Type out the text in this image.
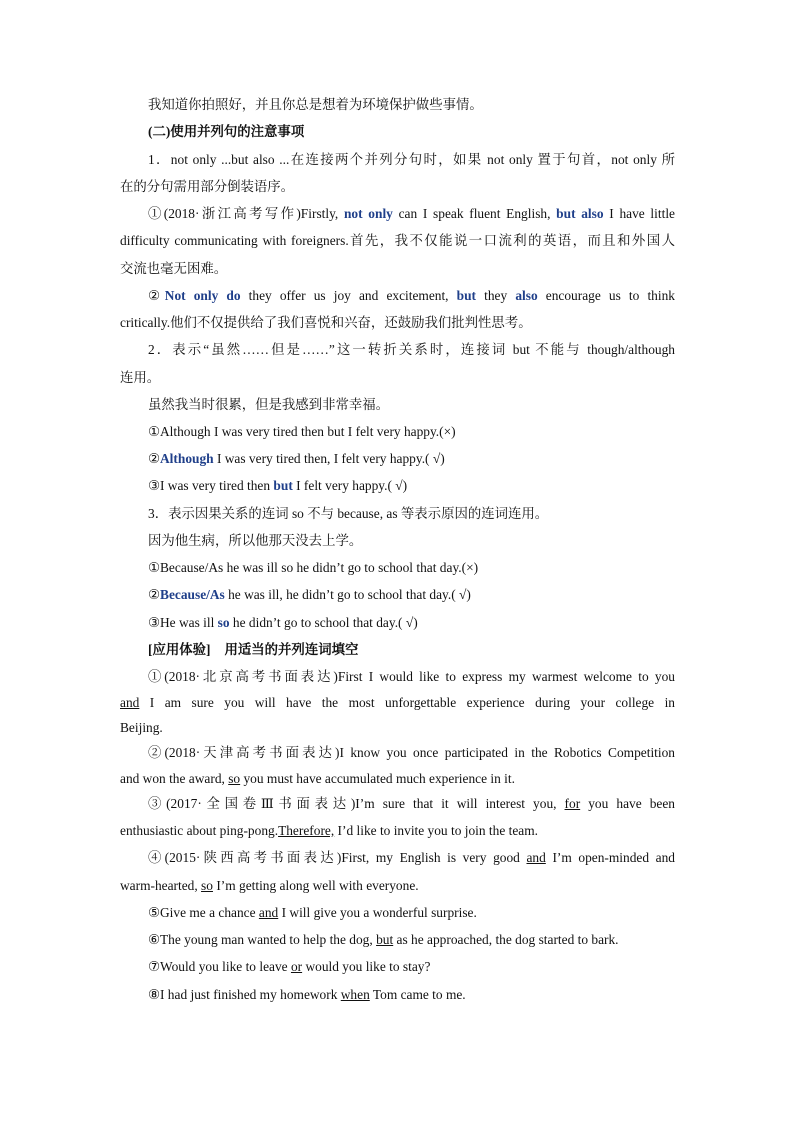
我知道你拍照好，并且你总是想着为环境保护做些事情。
(二)使用并列句的注意事项
1．not only ...but also ...在连接两个并列分句时，如果 not only 置于句首，not only 所
在的分句需用部分倒装语序。
①(2018·浙江高考写作)Firstly, not only can I speak fluent English, but also I have little
difficulty communicating with foreigners.首先，我不仅能说一口流利的英语，而且和外国人
交流也毫无困难。
②Not only do they offer us joy and excitement, but they also encourage us to think
critically.他们不仅提供给了我们喜悦和兴奋，还鼓励我们批判性思考。
2．表示“虽然……但是……”这一转折关系时，连接词 but 不能与 though/although
连用。
虽然我当时很累，但是我感到非常幸福。
①Although I was very tired then but I felt very happy.(×)
②Although I was very tired then, I felt very happy.( √)
③I was very tired then but I felt very happy.( √)
3．表示因果关系的连词 so 不与 because, as 等表示原因的连词连用。
因为他生病，所以他那天没去上学。
①Because/As he was ill so he didn’t go to school that day.(×)
②Because/As he was ill, he didn’t go to school that day.( √)
③He was ill so he didn’t go to school that day.( √)
[应用体验] 用适当的并列连词填空
①(2018·北京高考书面表达)First I would like to express my warmest welcome to you
and I am sure you will have the most unforgettable experience during your college in
Beijing.
②(2018·天津高考书面表达)I know you once participated in the Robotics Competition
and won the award, so you must have accumulated much experience in it.
③(2017·全国卷Ⅲ书面表达)I’m sure that it will interest you, for you have been
enthusiastic about ping-pong.Therefore, I’d like to invite you to join the team.
④(2015·陕西高考书面表达)First, my English is very good and I’m open-minded and
warm-hearted, so I’m getting along well with everyone.
⑤Give me a chance and I will give you a wonderful surprise.
⑥The young man wanted to help the dog, but as he approached, the dog started to bark.
⑦Would you like to leave or would you like to stay?
⑧I had just finished my homework when Tom came to me.
